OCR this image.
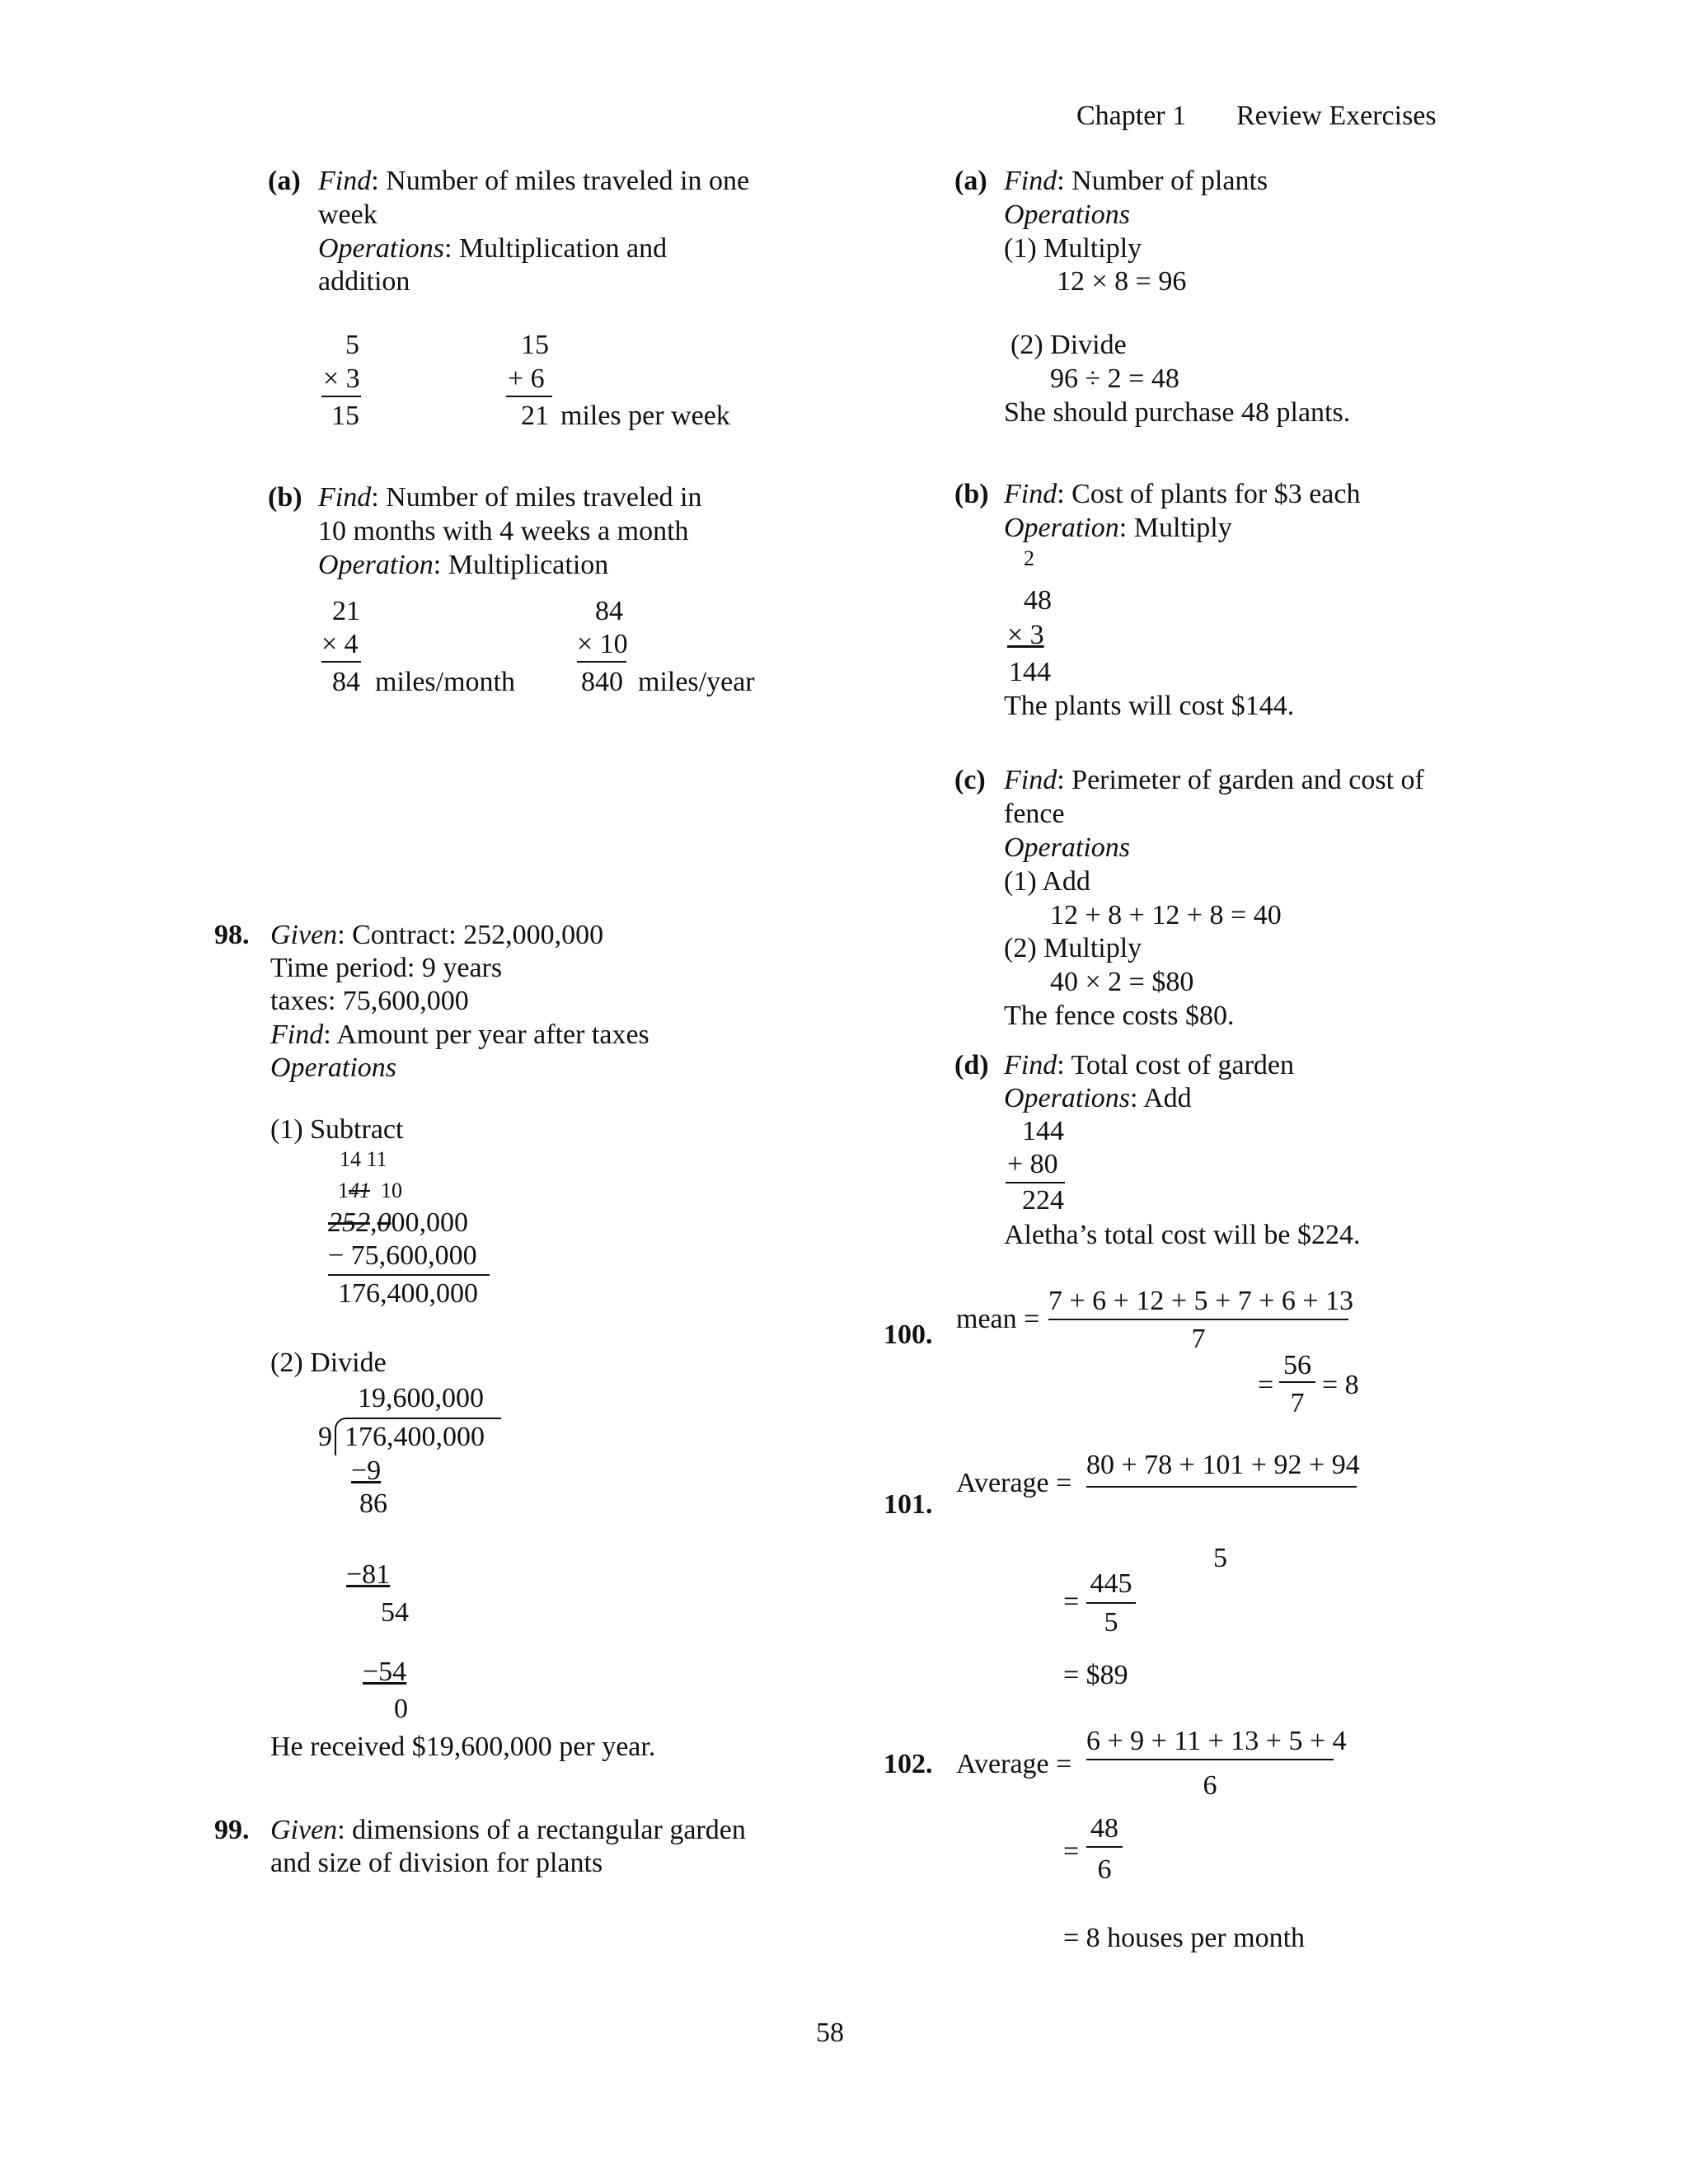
Chapter 1 Review Exercises
(a) Find: Number of miles traveled in one
week
Operations: Multiplication and
addition
5
× 3
15
15
+ 6
21 miles per week
(b) Find: Number of miles traveled in
10 months with 4 weeks a month
Operation: Multiplication
21
× 4
84 miles/month
84
× 10
840 miles/year
98. Given: Contract: 252,000,000
Time period: 9 years
taxes: 75,600,000
Find: Amount per year after taxes
Operations
(1) Subtract
14 11
141 10
252,000,000
− 75,600,000
176,400,000
(2) Divide
19,600,000
9 176,400,000
−9
86
−81
54
−54
0
He received $19,600,000 per year.
99. Given: dimensions of a rectangular garden
and size of division for plants
(a) Find: Number of plants
Operations
(1) Multiply
12 × 8 = 96
(2) Divide
96 ÷ 2 = 48
She should purchase 48 plants.
(b) Find: Cost of plants for $3 each
Operation: Multiply
2
48
× 3
144
The plants will cost $144.
(c) Find: Perimeter of garden and cost of
fence
Operations
(1) Add
12 + 8 + 12 + 8 = 40
(2) Multiply
40 × 2 = $80
The fence costs $80.
(d) Find: Total cost of garden
Operations: Add
144
+ 80
224
Aletha’s total cost will be $224.
100.
mean =
7 + 6 + 12 + 5 + 7 + 6 + 13
7
=
56
7
= 8
101.
Average =
80 + 78 + 101 + 92 + 94
5
=
445
5
= $89
102. Average =
6 + 9 + 11 + 13 + 5 + 4
6
=
48
6
= 8 houses per month
58
